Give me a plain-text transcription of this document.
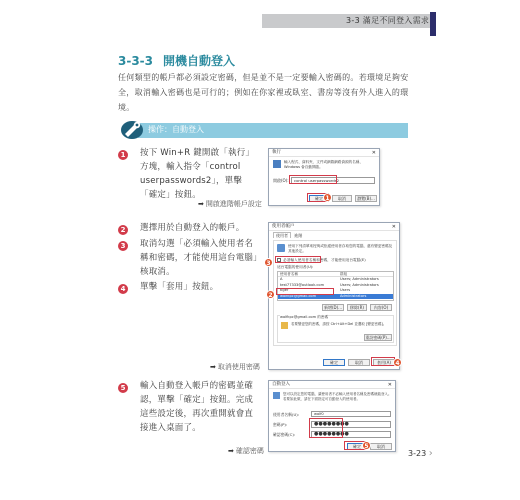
3-3 滿足不同登入需求
3-3-3 開機自動登入
任何類型的帳戶都必須設定密碼，但是並不是一定要輸入密碼的。若環境足夠安全，取消輸入密碼也是可行的；例如在你家裡或臥室、書房等沒有外人進入的環境。
操作：自動登入
1	按下 Win+R 鍵開啟「執行」方塊，輸入指令「control userpasswords2」，單擊「確定」按鈕。
執行	✕
輸入程式、資料夾、文件或網際網路資源的名稱，Windows 會自動開啟。
開啟(O):	control userpasswords2
確定	取消	瀏覽(B)...
1
➡ 開啟進階帳戶設定
2	選擇用於自動登入的帳戶。
3	取消勾選「必須輸入使用者名稱和密碼，才能使用這台電腦」核取消。
4	單擊「套用」按鈕。
使用者帳戶	✕
使用者 進階
使用下列清單來授與或拒絕使用者存取您的電腦，還有變更密碼及其他設定。
必須輸入使用者名稱和密碼，才能使用這台電腦(E)
這台電腦的使用者(U):
使用者名稱	群組
A	Users; Administrators
test77333@outlook.com	Users; Administrators
tiger	Users
wolfkpc@gmail.com	Administrators
新增(D)...	移除(R)	內容(O)
wolfkpc@gmail.com 的密碼
若要變更您的密碼，請按 Ctrl+Alt+Del 並選取 [變更密碼]。
重設密碼(P)...
確定	取消	套用(A)
3
2
4
➡ 取消使用密碼
5	輸入自動登入帳戶的密碼並確認，單擊「確定」按鈕。完成這些設定後，再次重開就會直接進入桌面了。
自動登入	✕
您可以設定您的電腦，讓使用者不必輸入使用者名稱及密碼就能登入。若要如此做，請在下面指定可自動登入的使用者。
使用者名稱(U):	wolf0
密碼(P):	●●●●●●●●
確認密碼(C):	●●●●●●●●
確定	取消
5
➡ 確認密碼	3-23 ›
